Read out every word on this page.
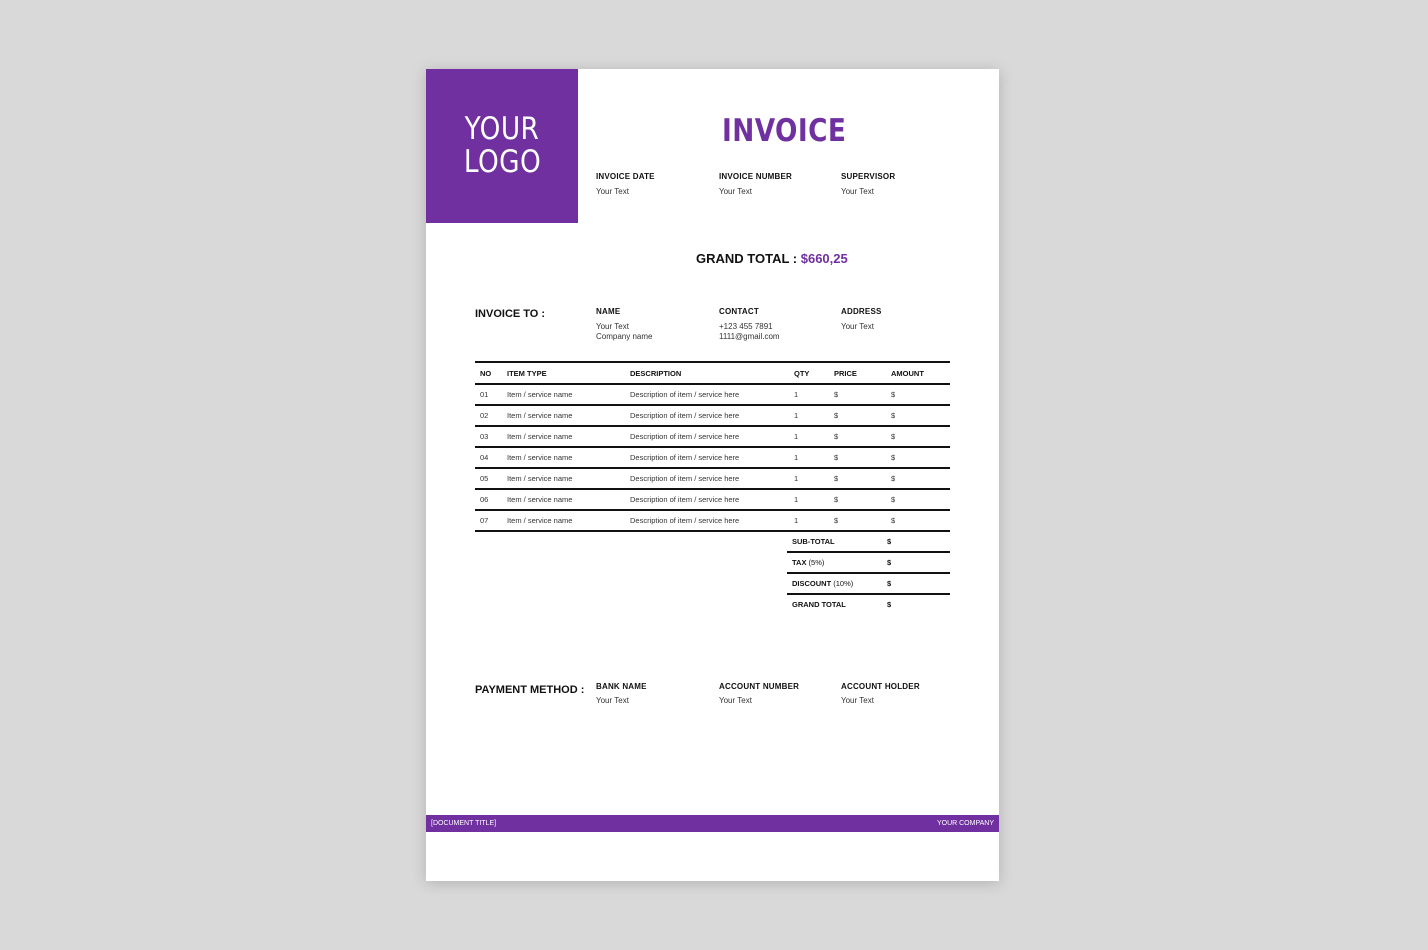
YOUR
LOGO
INVOICE
INVOICE DATE
Your Text
INVOICE NUMBER
Your Text
SUPERVISOR
Your Text
GRAND TOTAL : $660,25
INVOICE TO :	NAME
Your Text
Company name
CONTACT
+123 455 7891
1111@gmail.com
ADDRESS
Your Text
NO	ITEM TYPE	DESCRIPTION	QTY	PRICE	AMOUNT
01	Item / service name	Description of item / service here	1	$	$
02	Item / service name	Description of item / service here	1	$	$
03	Item / service name	Description of item / service here	1	$	$
04	Item / service name	Description of item / service here	1	$	$
05	Item / service name	Description of item / service here	1	$	$
06	Item / service name	Description of item / service here	1	$	$
07	Item / service name	Description of item / service here	1	$	$
SUB-TOTAL	$
TAX (5%)	$
DISCOUNT (10%)	$
GRAND TOTAL	$
PAYMENT METHOD : BANK NAME
Your Text
ACCOUNT NUMBER
Your Text
ACCOUNT HOLDER
Your Text
[DOCUMENT TITLE]	YOUR COMPANY
